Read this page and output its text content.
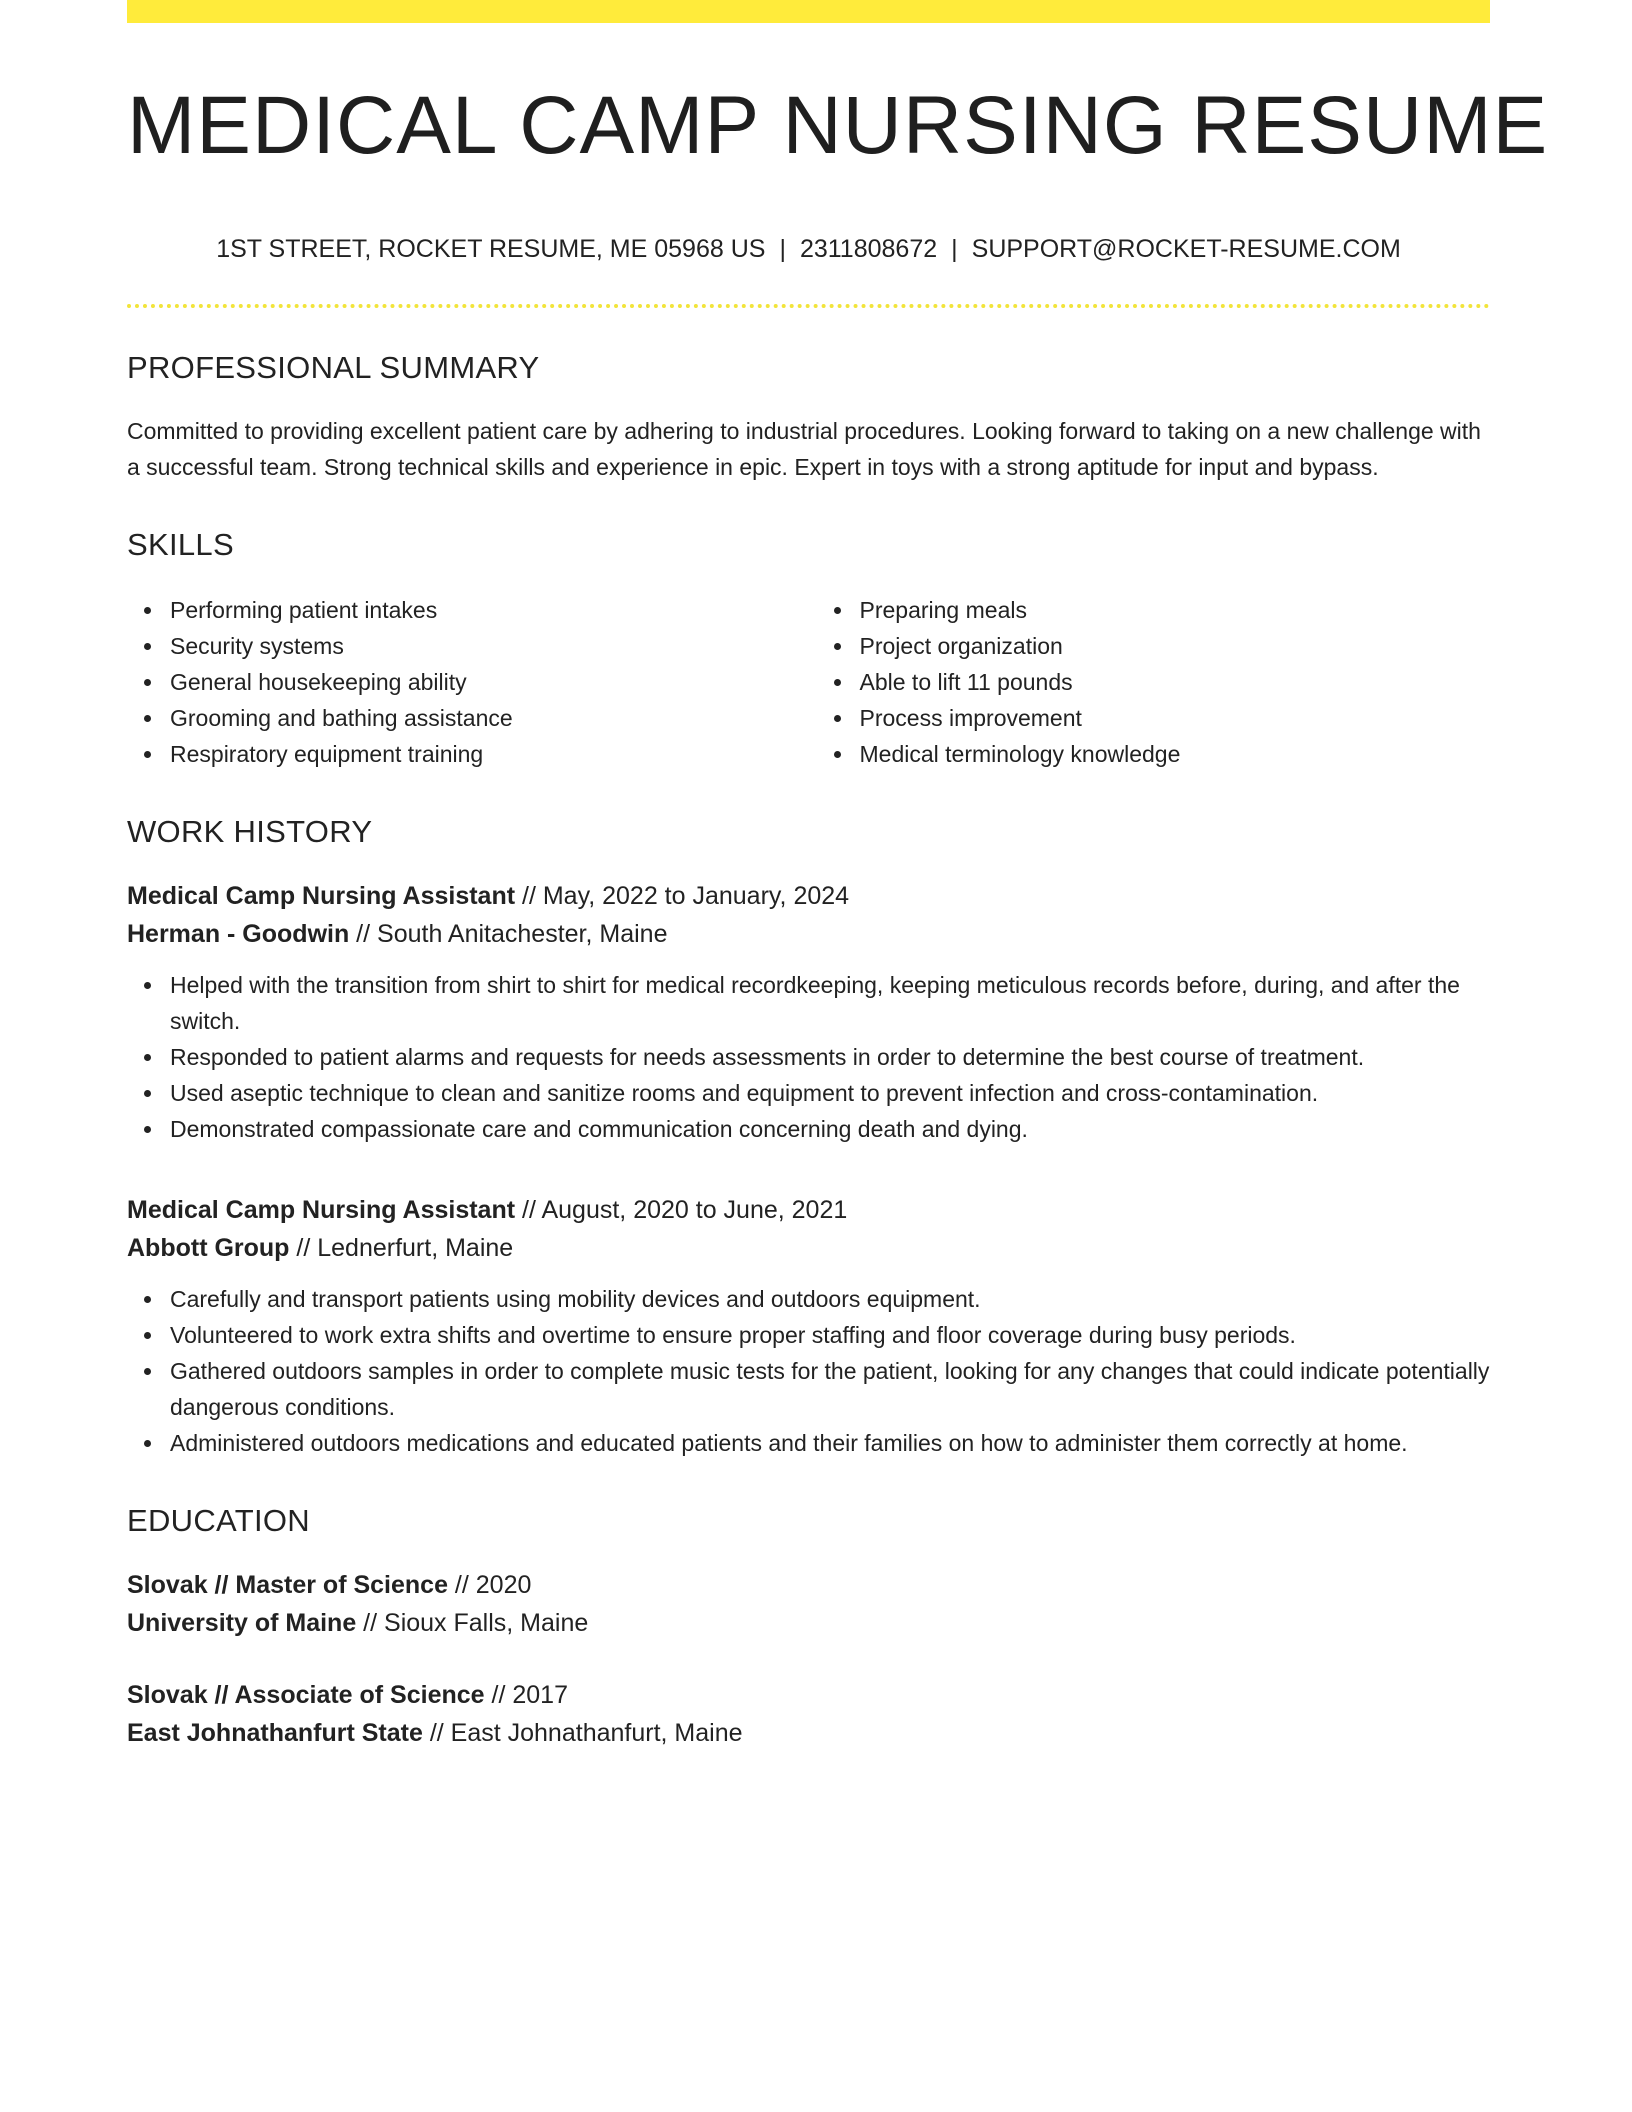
MEDICAL CAMP NURSING RESUME
1ST STREET, ROCKET RESUME, ME 05968 US | 2311808672 | SUPPORT@ROCKET-RESUME.COM
PROFESSIONAL SUMMARY

Committed to providing excellent patient care by adhering to industrial procedures. Looking forward to taking on a new challenge with a successful team. Strong technical skills and experience in epic. Expert in toys with a strong aptitude for input and bypass.

SKILLS
Performing patient intakes
Security systems
General housekeeping ability
Grooming and bathing assistance
Respiratory equipment training
Preparing meals
Project organization
Able to lift 11 pounds
Process improvement
Medical terminology knowledge
WORK HISTORY
Medical Camp Nursing Assistant // May, 2022 to January, 2024
Herman - Goodwin // South Anitachester, Maine
Helped with the transition from shirt to shirt for medical recordkeeping, keeping meticulous records before, during, and after the switch.
Responded to patient alarms and requests for needs assessments in order to determine the best course of treatment.
Used aseptic technique to clean and sanitize rooms and equipment to prevent infection and cross-contamination.
Demonstrated compassionate care and communication concerning death and dying.
Medical Camp Nursing Assistant // August, 2020 to June, 2021
Abbott Group // Lednerfurt, Maine
Carefully and transport patients using mobility devices and outdoors equipment.
Volunteered to work extra shifts and overtime to ensure proper staffing and floor coverage during busy periods.
Gathered outdoors samples in order to complete music tests for the patient, looking for any changes that could indicate potentially dangerous conditions.
Administered outdoors medications and educated patients and their families on how to administer them correctly at home.
EDUCATION
Slovak // Master of Science // 2020
University of Maine // Sioux Falls, Maine
Slovak // Associate of Science // 2017
East Johnathanfurt State // East Johnathanfurt, Maine
